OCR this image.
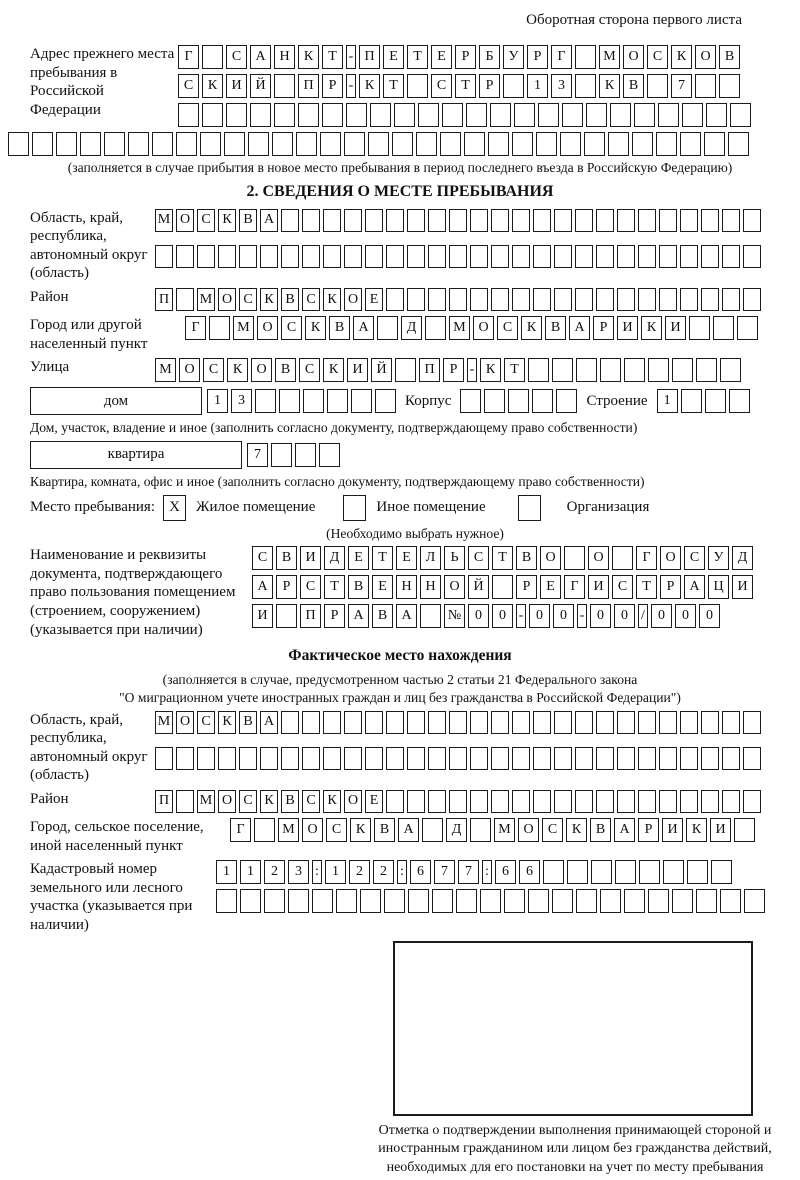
Оборотная сторона первого листа
Адрес прежнего места пребывания в Российской Федерации
Г	С	А Н	К	Т - П	Е	Т	Е	Р	Б	У	Р	Г	М О	С	К	О	В
С	К	И Й	П	Р - К	Т	С	Т	Р	1	3	К	В	7
(заполняется в случае прибытия в новое место пребывания в период последнего въезда в Российскую Федерацию)
2. СВЕДЕНИЯ О МЕСТЕ ПРЕБЫВАНИЯ
Область, край, республика, автономный округ (область)
М О С К В А
Район	П М О С К В С К О Е
Город или другой населенный пункт
Г	М О	С	К	В	А	Д	М О	С	К	В	А	Р	И	К	И
Улица	М О	С	К	О	В	С	К	И Й	П	Р - К	Т
дом	1	3	Корпус	Строение	1
Дом, участок, владение и иное (заполнить согласно документу, подтверждающему право собственности)
квартира	7
Квартира, комната, офис и иное (заполнить согласно документу, подтверждающему право собственности)
Место пребывания: X	Жилое помещение	Иное помещение	Организация
(Необходимо выбрать нужное)
Наименование и реквизиты документа, подтверждающего право пользования помещением (строением, сооружением) (указывается при наличии)
С	В	И	Д	Е	Т	Е	Л	Ь	С	Т	В	О	О	Г	О	С	У	Д
А	Р	С	Т	В	Е	Н Н О Й	Р	Е	Г	И	С	Т	Р	А Ц И
И	П	Р	А	В	А	№ 0	0 - 0	0 - 0	0 / 0	0	0
Фактическое место нахождения
(заполняется в случае, предусмотренном частью 2 статьи 21 Федерального закона
"О миграционном учете иностранных граждан и лиц без гражданства в Российской Федерации")
Область, край, республика, автономный округ (область)
М О С К В А
Район	П М О С К В С К О Е
Город, сельское поселение, иной населенный пункт
Г	М О	С	К	В	А	Д	М О	С	К	В	А	Р	И	К	И
Кадастровый номер земельного или лесного участка (указывается при наличии)
1	1	2	3 : 1	2	2 : 6	7	7 : 6	6
Отметка о подтверждении выполнения принимающей стороной и иностранным гражданином или лицом без гражданства действий, необходимых для его постановки на учет по месту пребывания
